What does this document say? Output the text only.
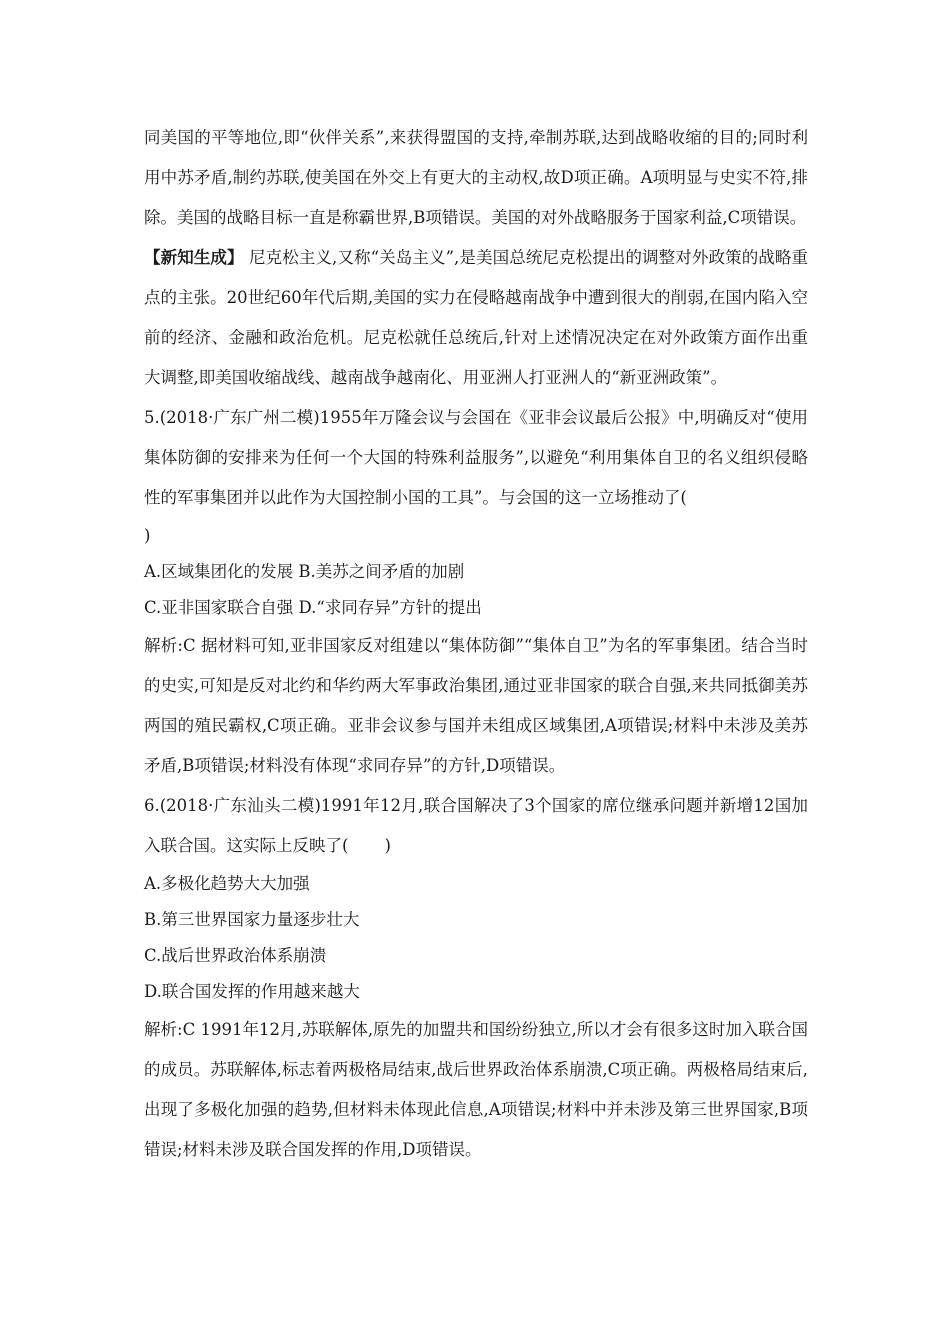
同美国的平等地位,即“伙伴关系”,来获得盟国的支持,牵制苏联,达到战略收缩的目的;同时利用中苏矛盾,制约苏联,使美国在外交上有更大的主动权,故D项正确。A项明显与史实不符,排除。美国的战略目标一直是称霸世界,B项错误。美国的对外战略服务于国家利益,C项错误。

【新知生成】 尼克松主义,又称“关岛主义”,是美国总统尼克松提出的调整对外政策的战略重点的主张。20世纪60年代后期,美国的实力在侵略越南战争中遭到很大的削弱,在国内陷入空前的经济、金融和政治危机。尼克松就任总统后,针对上述情况决定在对外政策方面作出重大调整,即美国收缩战线、越南战争越南化、用亚洲人打亚洲人的“新亚洲政策”。

5.(2018·广东广州二模)1955年万隆会议与会国在《亚非会议最后公报》中,明确反对“使用集体防御的安排来为任何一个大国的特殊利益服务”,以避免“利用集体自卫的名义组织侵略性的军事集团并以此作为大国控制小国的工具”。与会国的这一立场推动了(

)

A.区域集团化的发展 B.美苏之间矛盾的加剧

C.亚非国家联合自强 D.“求同存异”方针的提出

解析:C 据材料可知,亚非国家反对组建以“集体防御”“集体自卫”为名的军事集团。结合当时的史实,可知是反对北约和华约两大军事政治集团,通过亚非国家的联合自强,来共同抵御美苏两国的殖民霸权,C项正确。亚非会议参与国并未组成区域集团,A项错误;材料中未涉及美苏矛盾,B项错误;材料没有体现“求同存异”的方针,D项错误。

6.(2018·广东汕头二模)1991年12月,联合国解决了3个国家的席位继承问题并新增12国加入联合国。这实际上反映了( )

A.多极化趋势大大加强

B.第三世界国家力量逐步壮大

C.战后世界政治体系崩溃

D.联合国发挥的作用越来越大

解析:C 1991年12月,苏联解体,原先的加盟共和国纷纷独立,所以才会有很多这时加入联合国的成员。苏联解体,标志着两极格局结束,战后世界政治体系崩溃,C项正确。两极格局结束后,出现了多极化加强的趋势,但材料未体现此信息,A项错误;材料中并未涉及第三世界国家,B项错误;材料未涉及联合国发挥的作用,D项错误。
